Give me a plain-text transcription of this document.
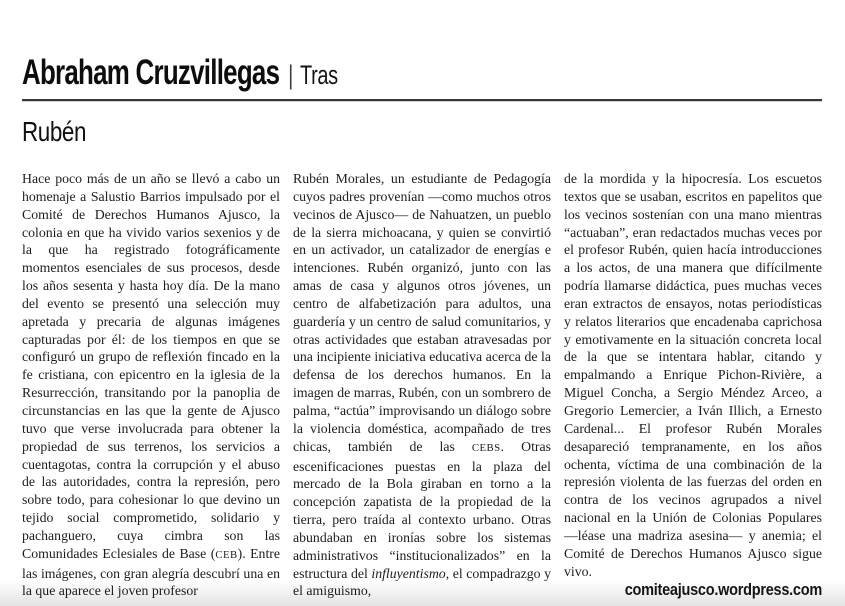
Abraham Cruzvillegas | Tras
Rubén
Hace poco más de un año se llevó a cabo un homenaje a Salustio Barrios impulsado por el Comité de Derechos Humanos Ajusco, la colonia en que ha vivido varios sexenios y de la que ha registrado fotográficamente momentos esenciales de sus procesos, desde los años sesenta y hasta hoy día. De la mano del evento se presentó una selección muy apretada y precaria de algunas imágenes capturadas por él: de los tiempos en que se configuró un grupo de reflexión fincado en la fe cristiana, con epicentro en la iglesia de la Resurrección, transitando por la panoplia de circunstancias en las que la gente de Ajusco tuvo que verse involucrada para obtener la propiedad de sus terrenos, los servicios a cuentagotas, contra la corrupción y el abuso de las autoridades, contra la represión, pero sobre todo, para cohesionar lo que devino un tejido social comprometido, solidario y pachanguero, cuya cimbra son las Comunidades Eclesiales de Base (CEB). Entre las imágenes, con gran alegría descubrí una en la que aparece el joven profesor
Rubén Morales, un estudiante de Pedagogía cuyos padres provenían —como muchos otros vecinos de Ajusco— de Nahuatzen, un pueblo de la sierra michoacana, y quien se convirtió en un activador, un catalizador de energías e intenciones. Rubén organizó, junto con las amas de casa y algunos otros jóvenes, un centro de alfabetización para adultos, una guardería y un centro de salud comunitarios, y otras actividades que estaban atravesadas por una incipiente iniciativa educativa acerca de la defensa de los derechos humanos. En la imagen de marras, Rubén, con un sombrero de palma, “actúa” improvisando un diálogo sobre la violencia doméstica, acompañado de tres chicas, también de las CEBS. Otras escenificaciones puestas en la plaza del mercado de la Bola giraban en torno a la concepción zapatista de la propiedad de la tierra, pero traída al contexto urbano. Otras abundaban en ironías sobre los sistemas administrativos “institucionalizados” en la estructura del influyentismo, el compadrazgo y el amiguismo,
de la mordida y la hipocresía. Los escuetos textos que se usaban, escritos en papelitos que los vecinos sostenían con una mano mientras “actuaban”, eran redactados muchas veces por el profesor Rubén, quien hacía introducciones a los actos, de una manera que difícilmente podría llamarse didáctica, pues muchas veces eran extractos de ensayos, notas periodísticas y relatos literarios que encadenaba caprichosa y emotivamente en la situación concreta local de la que se intentara hablar, citando y empalmando a Enrique Pichon-Rivière, a Miguel Concha, a Sergio Méndez Arceo, a Gregorio Lemercier, a Iván Illich, a Ernesto Cardenal... El profesor Rubén Morales desapareció tempranamente, en los años ochenta, víctima de una combinación de la represión violenta de las fuerzas del orden en contra de los vecinos agrupados a nivel nacional en la Unión de Colonias Populares —léase una madriza asesina— y anemia; el Comité de Derechos Humanos Ajusco sigue vivo.
comiteajusco.wordpress.com
